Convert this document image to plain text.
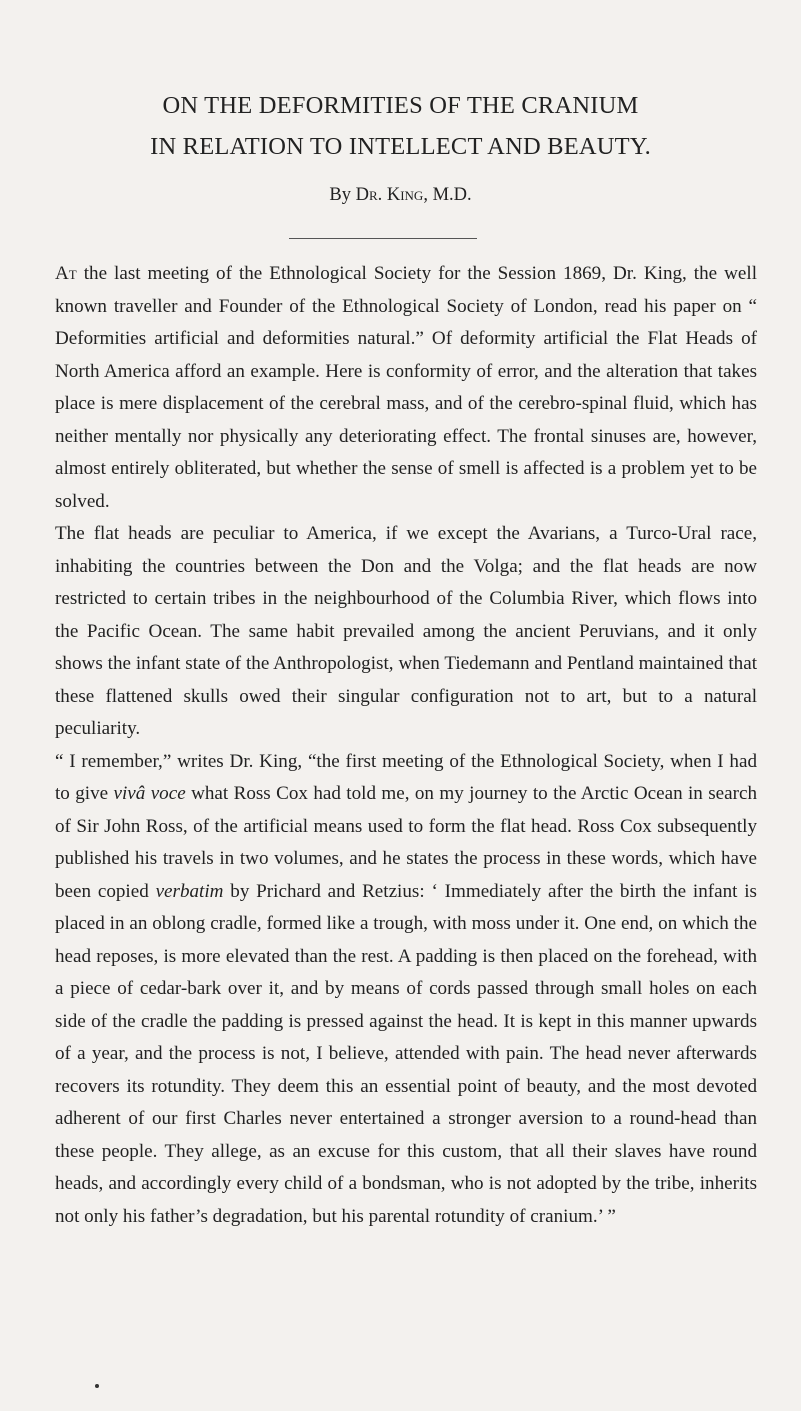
ON THE DEFORMITIES OF THE CRANIUM
IN RELATION TO INTELLECT AND BEAUTY.
By Dr. King, M.D.

At the last meeting of the Ethnological Society for the Session 1869, Dr. King, the well known traveller and Founder of the Ethnological Society of London, read his paper on “ Deformities artificial and deformities natural.” Of deformity artificial the Flat Heads of North America afford an example. Here is conformity of error, and the alteration that takes place is mere displacement of the cerebral mass, and of the cerebro-spinal fluid, which has neither mentally nor physically any deteriorating effect. The frontal sinuses are, however, almost entirely obliterated, but whether the sense of smell is affected is a problem yet to be solved.

The flat heads are peculiar to America, if we except the Avarians, a Turco-Ural race, inhabiting the countries between the Don and the Volga; and the flat heads are now restricted to certain tribes in the neighbourhood of the Columbia River, which flows into the Pacific Ocean. The same habit prevailed among the ancient Peruvians, and it only shows the infant state of the Anthropologist, when Tiedemann and Pentland maintained that these flattened skulls owed their singular configuration not to art, but to a natural peculiarity.

“ I remember,” writes Dr. King, “the first meeting of the Ethnological Society, when I had to give vivâ voce what Ross Cox had told me, on my journey to the Arctic Ocean in search of Sir John Ross, of the artificial means used to form the flat head. Ross Cox subsequently published his travels in two volumes, and he states the process in these words, which have been copied verbatim by Prichard and Retzius: ‘ Immediately after the birth the infant is placed in an oblong cradle, formed like a trough, with moss under it. One end, on which the head reposes, is more elevated than the rest. A padding is then placed on the forehead, with a piece of cedar-bark over it, and by means of cords passed through small holes on each side of the cradle the padding is pressed against the head. It is kept in this manner upwards of a year, and the process is not, I believe, attended with pain. The head never afterwards recovers its rotundity. They deem this an essential point of beauty, and the most devoted adherent of our first Charles never entertained a stronger aversion to a round-head than these people. They allege, as an excuse for this custom, that all their slaves have round heads, and accordingly every child of a bondsman, who is not adopted by the tribe, inherits not only his father’s degradation, but his parental rotundity of cranium.’ ”
